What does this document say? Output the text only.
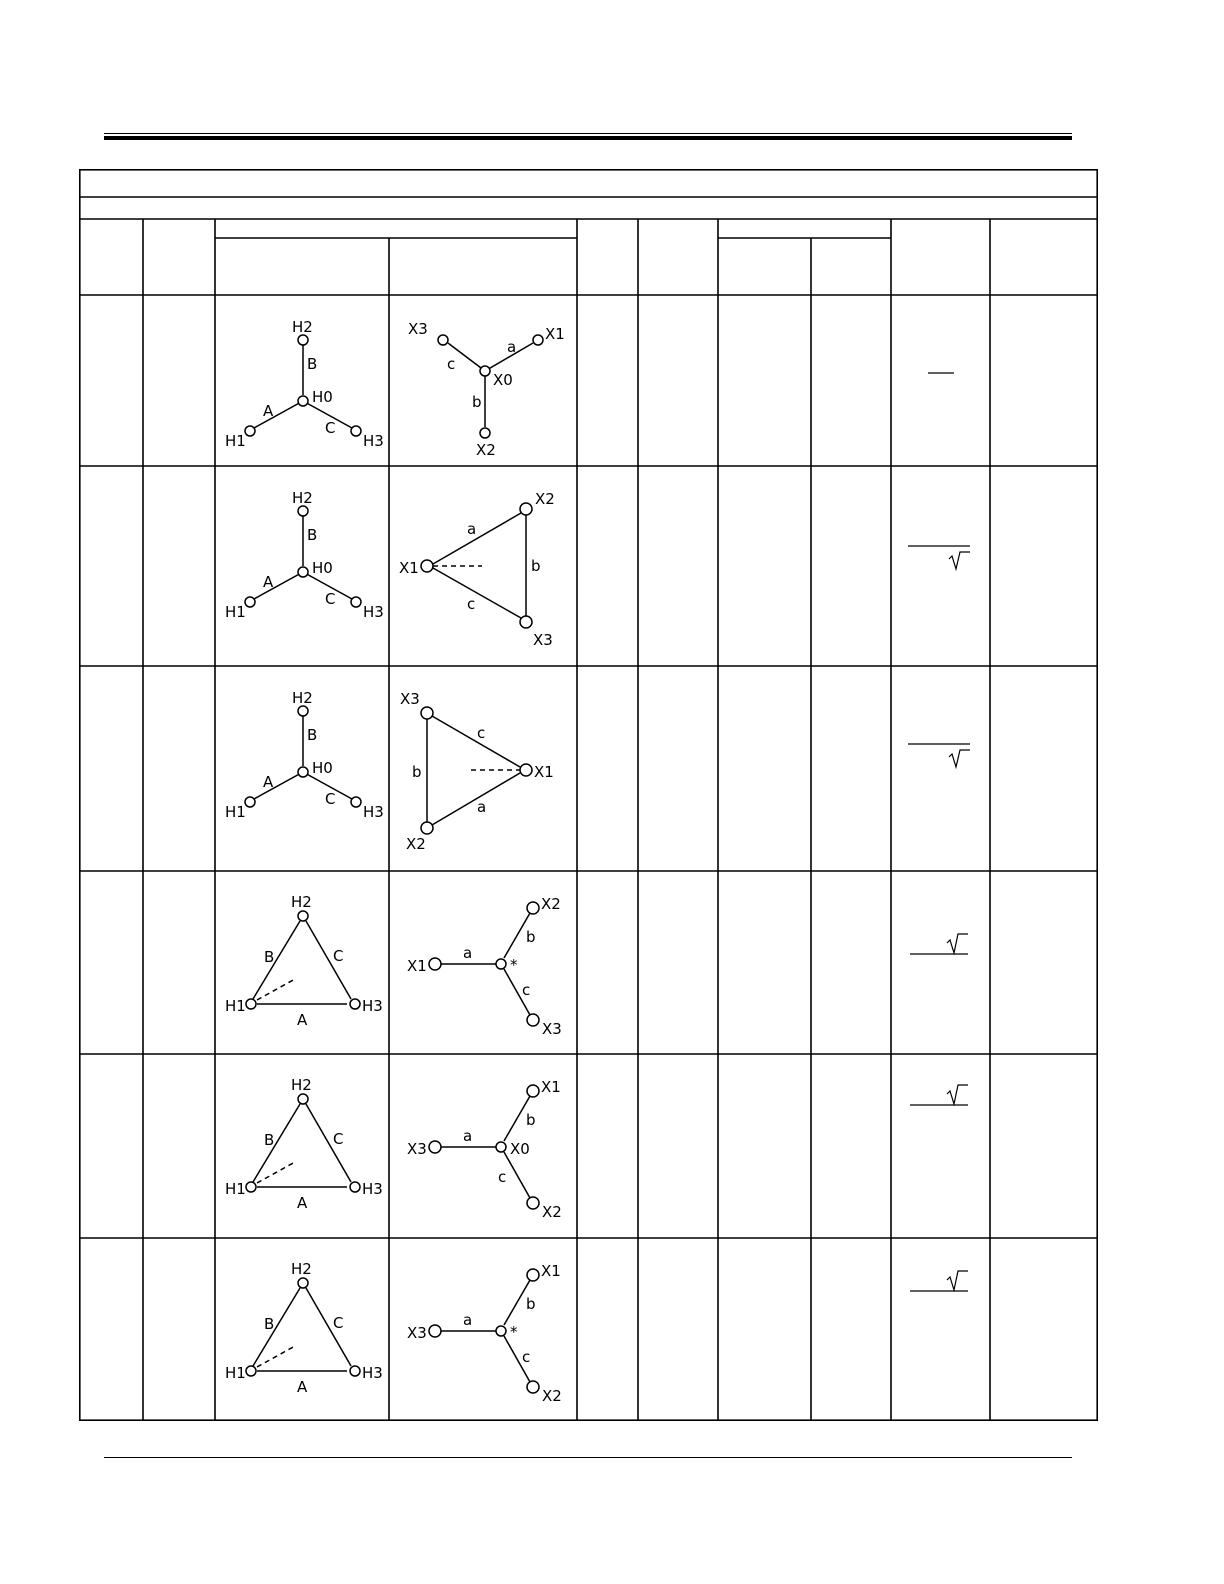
H2
B
H0
A
C
H1	H3
X3	X1
a
c
X0
b
X2
H2
B
H0
A
C
H1	H3
X2
a
X1	b
c
X3
H2
B
H0
A
C
H1	H3
X3
c
b	X1
a
X2
H2
B	C
H1	H3
A
X2
b
a
X1	*
c
X3
H2
B	C
H1	H3
A
X1
b
a
X3	X0
c
X2
H2
B	C
H1	H3
A
X1
b
a
X3	*
c
X2
